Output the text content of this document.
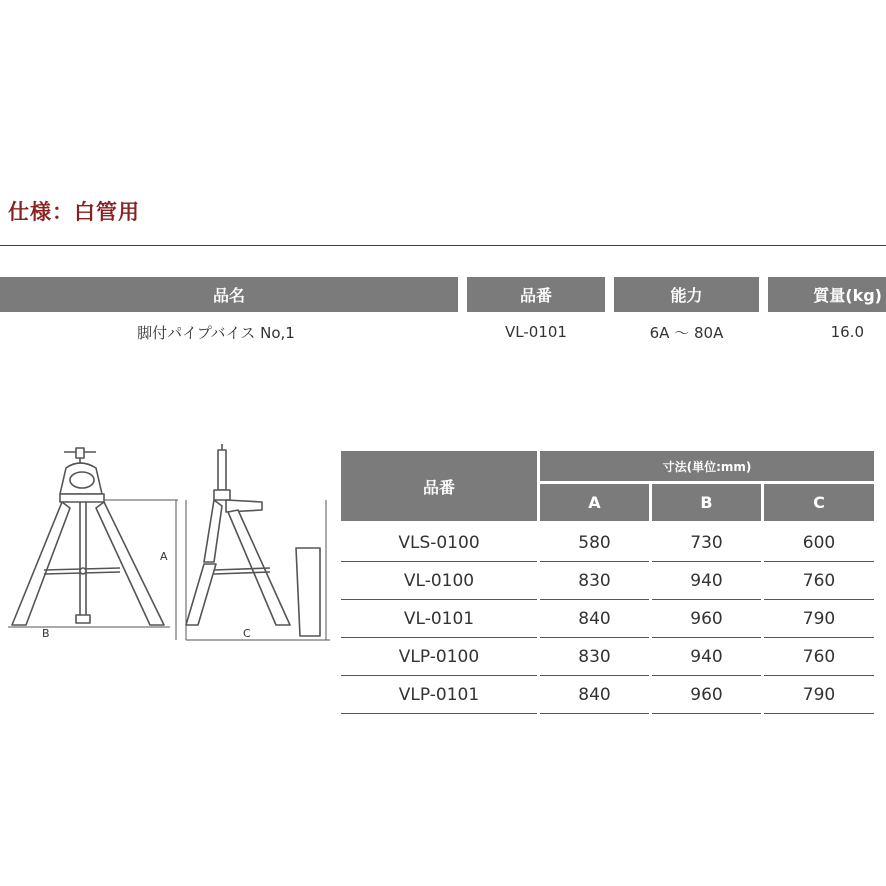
仕様：白管用
品名	品番	能力	質量(kg)
脚付パイプバイス No,1	VL-0101	6A ～ 80A	16.0
A
B	C
品番	寸法(単位:mm)		
	A	B	C
VLS-0100	580	730	600
VL-0100	830	940	760
VL-0101	840	960	790
VLP-0100	830	940	760
VLP-0101	840	960	790
